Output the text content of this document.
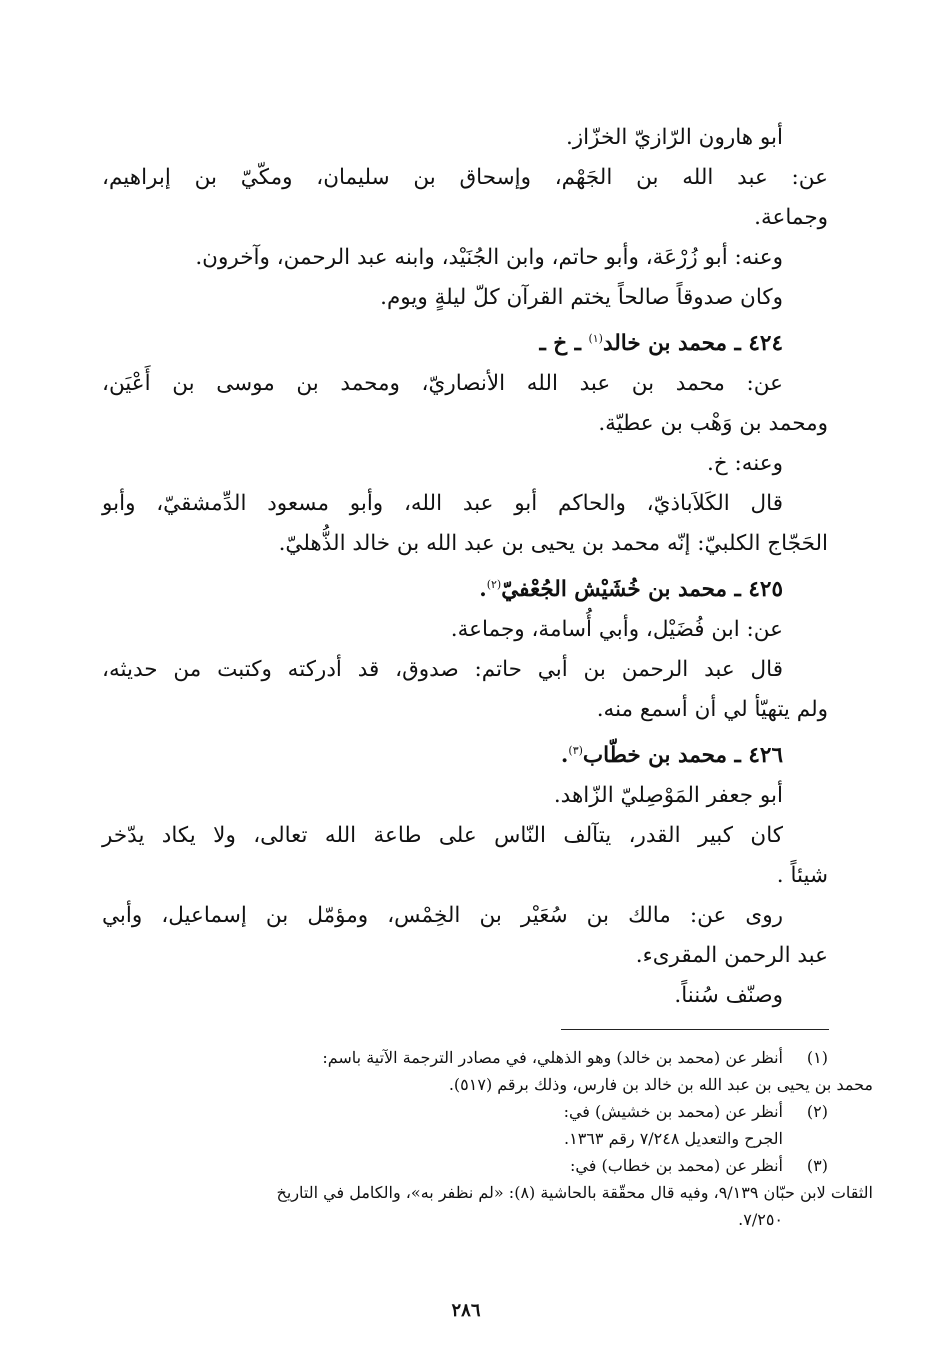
أبو هارون الرّازيّ الخزّاز.
عن: عبد الله بن الجَهْم، وإسحاق بن سليمان، ومكّيّ بن إبراهيم،
وجماعة.
وعنه: أبو زُرْعَة، وأبو حاتم، وابن الجُنَيْد، وابنه عبد الرحمن، وآخرون.
وكان صدوقاً صالحاً يختم القرآن كلّ ليلةٍ ويوم.
٤٢٤ ـ محمد بن خالد$^{(١)}$ ـ خ ـ
عن: محمد بن عبد الله الأنصاريّ، ومحمد بن موسى بن أَعْيَن،
ومحمد بن وَهْب بن عطيّة.
وعنه: خ.
قال الكَلاَباذيّ، والحاكم أبو عبد الله، وأبو مسعود الدِّمشقيّ، وأبو
الحَجّاج الكلبيّ: إنّه محمد بن يحيى بن عبد الله بن خالد الذُّهليّ.
٤٢٥ ـ محمد بن خُشَيْش الجُعْفيّ$^{(٢)}$.
عن: ابن فُضَيْل، وأبي أُسامة، وجماعة.
قال عبد الرحمن بن أبي حاتم: صدوق، قد أدركته وكتبت من حديثه،
ولم يتهيّأ لي أن أسمع منه.
٤٢٦ ـ محمد بن خطّاب$^{(٣)}$.
أبو جعفر المَوْصِليّ الزّاهد.
كان كبير القدر، يتآلف النّاس على طاعة الله تعالى، ولا يكاد يدّخر
شيئاً .
روى عن: مالك بن سُعَيْر بن الخِمْس، ومؤمّل بن إسماعيل، وأبي
عبد الرحمن المقرىء.
وصنّف سُنناً.
(١)
أنظر عن (محمد بن خالد) وهو الذهلي، في مصادر الترجمة الآتية باسم:
محمد بن يحيى بن عبد الله بن خالد بن فارس، وذلك برقم (٥١٧).
(٢)
أنظر عن (محمد بن خشيش) في:
الجرح والتعديل ٧/٢٤٨ رقم ١٣٦٣.
(٣)
أنظر عن (محمد بن خطاب) في:
الثقات لابن حبّان ٩/١٣٩، وفيه قال محقّقة بالحاشية (٨): «لم نظفر به»، والكامل في التاريخ
٧/٢٥٠.
٢٨٦
